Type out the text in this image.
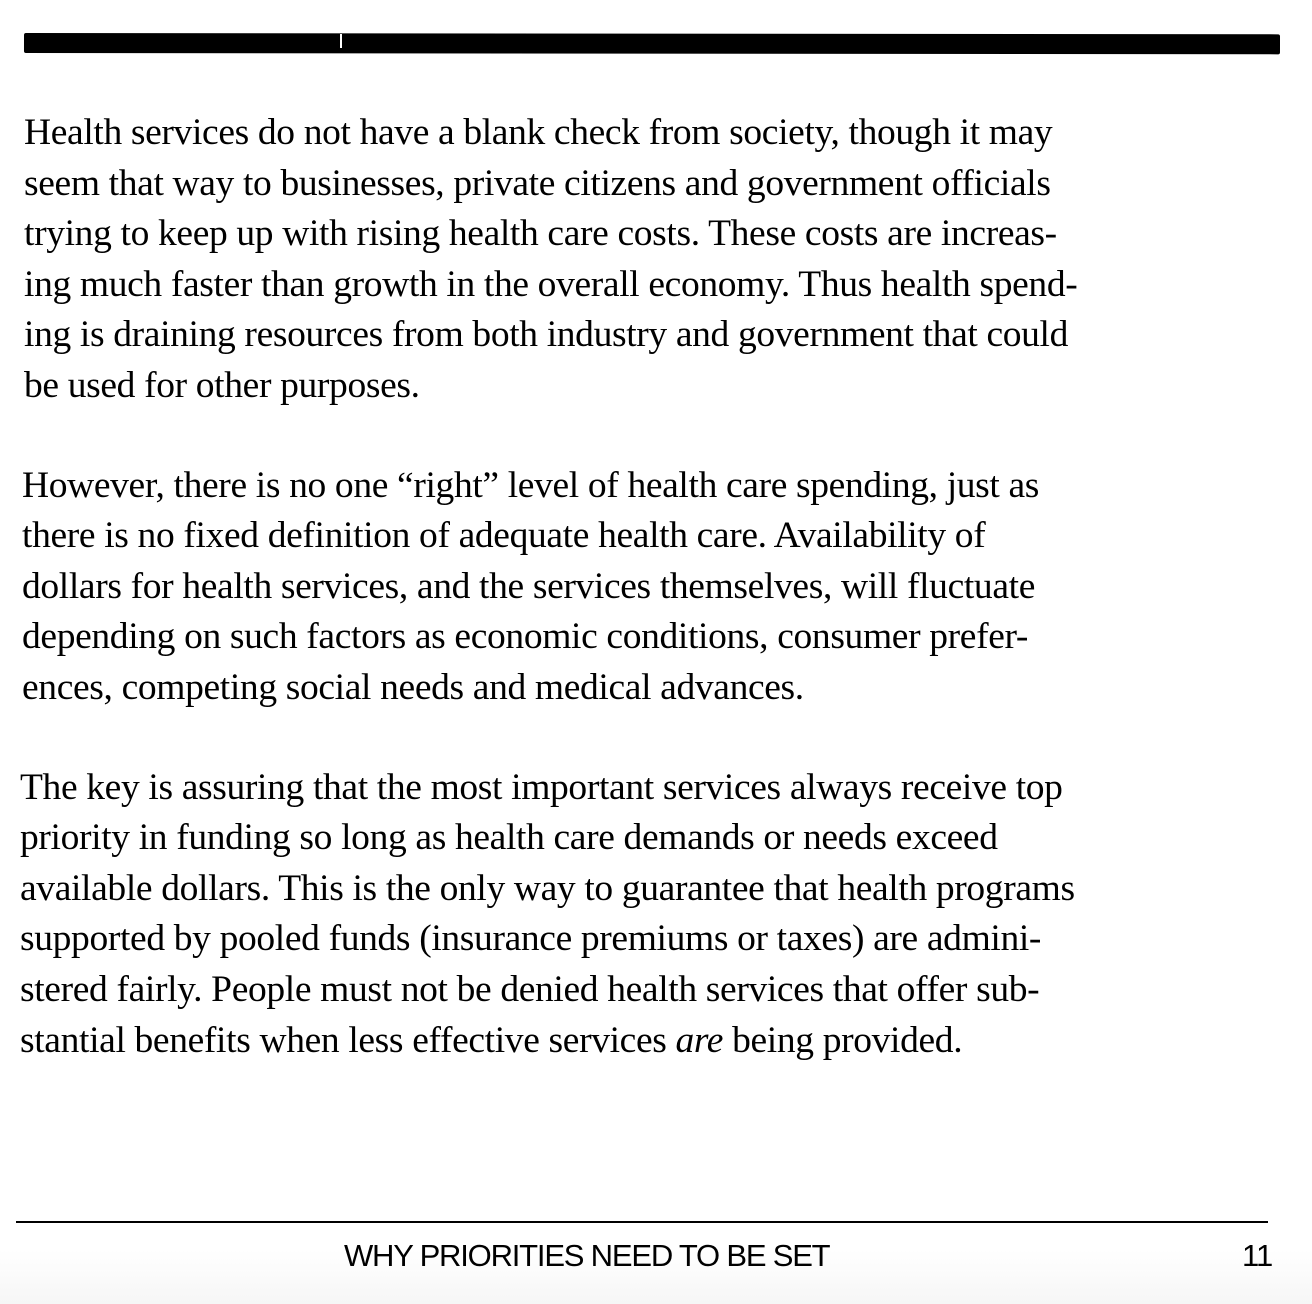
Health services do not have a blank check from society, though it may
seem that way to businesses, private citizens and government officials
trying to keep up with rising health care costs. These costs are increas-
ing much faster than growth in the overall economy. Thus health spend-
ing is draining resources from both industry and government that could
be used for other purposes.

However, there is no one “right” level of health care spending, just as
there is no fixed definition of adequate health care. Availability of
dollars for health services, and the services themselves, will fluctuate
depending on such factors as economic conditions, consumer prefer-
ences, competing social needs and medical advances.

The key is assuring that the most important services always receive top
priority in funding so long as health care demands or needs exceed
available dollars. This is the only way to guarantee that health programs
supported by pooled funds (insurance premiums or taxes) are admini-
stered fairly. People must not be denied health services that offer sub-
stantial benefits when less effective services are being provided.

WHY PRIORITIES NEED TO BE SET	11
